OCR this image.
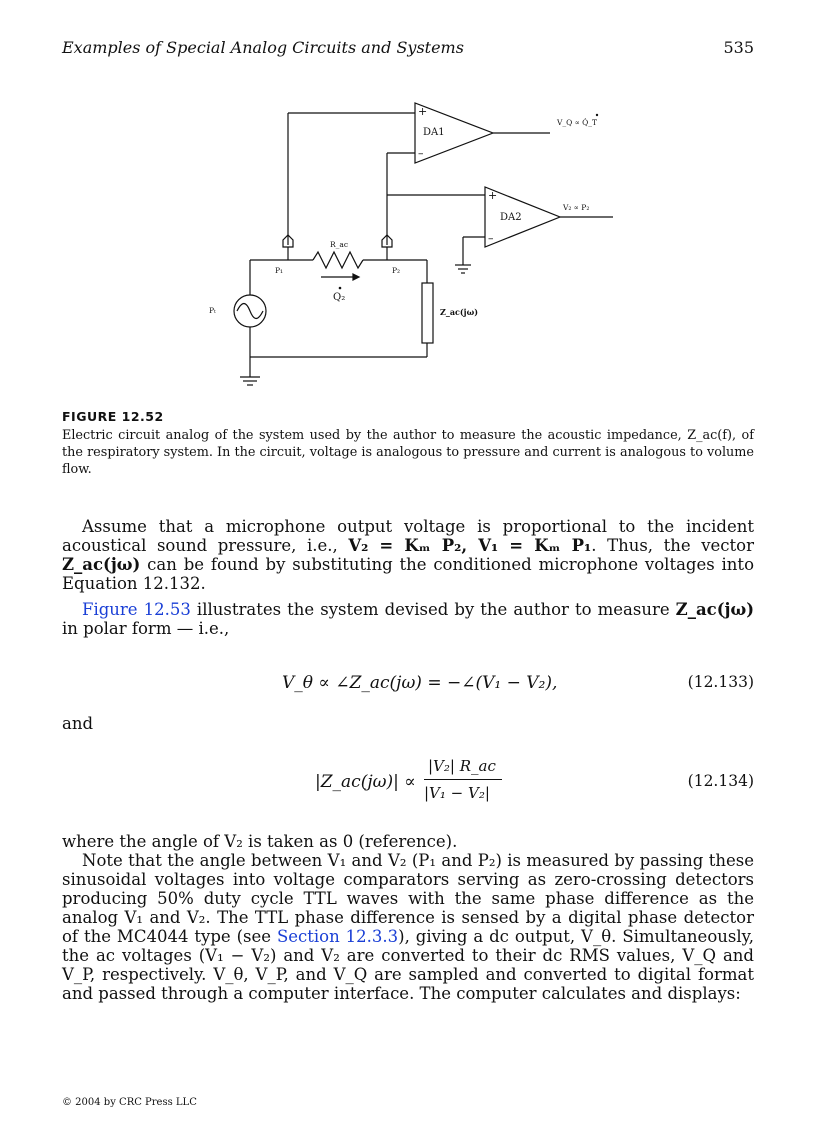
Examples of Special Analog Circuits and Systems	535
+
–
DA1
V_Q ∝ Q̇_T
+
–
DA2
V₂ ∝ P₂
R_ac
P₁	P₂
Q₂
Pₜ	Z_ac(jω)
FIGURE 12.52
Electric circuit analog of the system used by the author to measure the acoustic impedance, Z_ac(f), of the respiratory system. In the circuit, voltage is analogous to pressure and current is analogous to volume flow.
Assume that a microphone output voltage is proportional to the incident acoustical sound pressure, i.e., V₂ = Kₘ P₂, V₁ = Kₘ P₁. Thus, the vector Z_ac(jω) can be found by substituting the conditioned microphone voltages into Equation 12.132.
Figure 12.53 illustrates the system devised by the author to measure Z_ac(jω) in polar form — i.e.,
V_θ ∝ ∠Z_ac(jω) = −∠(V₁ − V₂),	(12.133)
and
|Z_ac(jω)| ∝
|V₂| R_ac
|V₁ − V₂|
(12.134)
where the angle of V₂ is taken as 0 (reference).
Note that the angle between V₁ and V₂ (P₁ and P₂) is measured by passing these sinusoidal voltages into voltage comparators serving as zero-crossing detectors producing 50% duty cycle TTL waves with the same phase difference as the analog V₁ and V₂. The TTL phase difference is sensed by a digital phase detector of the MC4044 type (see Section 12.3.3), giving a dc output, V_θ. Simultaneously, the ac voltages (V₁ − V₂) and V₂ are converted to their dc RMS values, V_Q and V_P, respectively. V_θ, V_P, and V_Q are sampled and converted to digital format and passed through a computer interface. The computer calculates and displays:
© 2004 by CRC Press LLC
